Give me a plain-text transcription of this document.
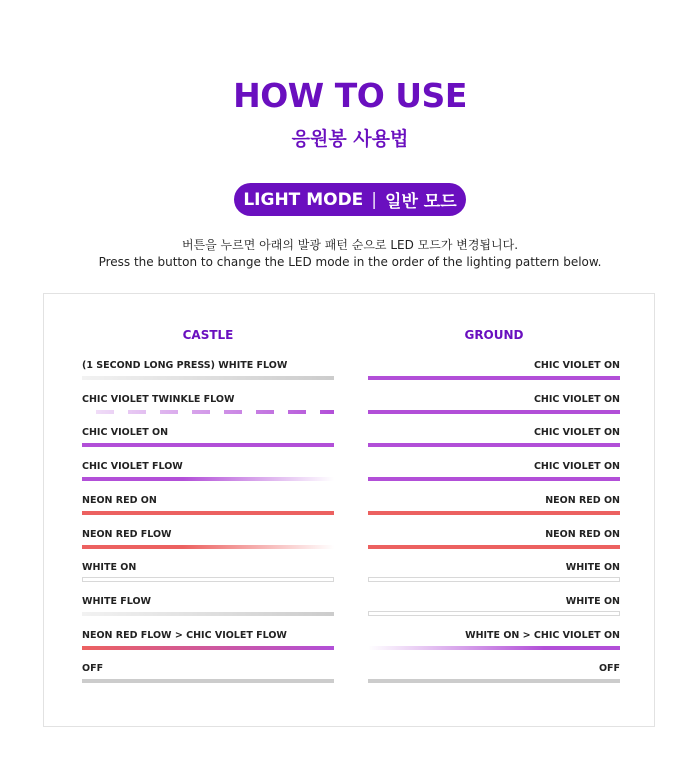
HOW TO USE
응원봉 사용법
LIGHT MODE | 일반 모드
버튼을 누르면 아래의 발광 패턴 순으로 LED 모드가 변경됩니다.
Press the button to change the LED mode in the order of the lighting pattern below.
CASTLE
(1 SECOND LONG PRESS) WHITE FLOW
CHIC VIOLET TWINKLE FLOW
CHIC VIOLET ON
CHIC VIOLET FLOW
NEON RED ON
NEON RED FLOW
WHITE ON
WHITE FLOW
NEON RED FLOW > CHIC VIOLET FLOW
OFF
GROUND
CHIC VIOLET ON
CHIC VIOLET ON
CHIC VIOLET ON
CHIC VIOLET ON
NEON RED ON
NEON RED ON
WHITE ON
WHITE ON
WHITE ON > CHIC VIOLET ON
OFF
